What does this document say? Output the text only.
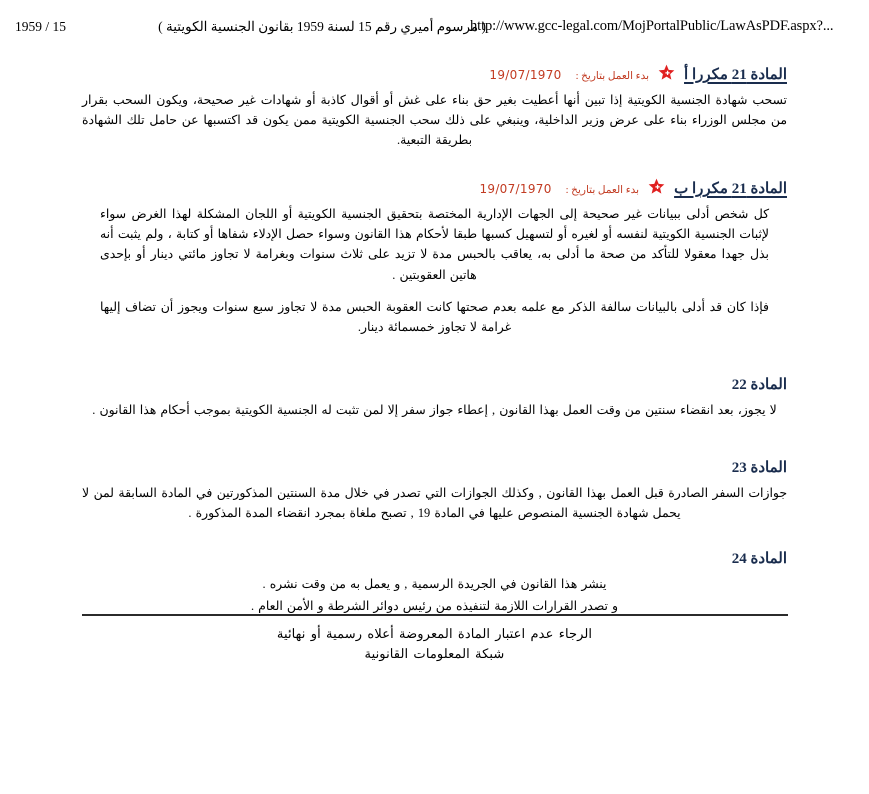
http://www.gcc-legal.com/MojPortalPublic/LawAsPDF.aspx?...
( مرسوم أميري رقم 15 لسنة 1959 بقانون الجنسية الكويتية )
1959 / 15
المادة 21 مكررا أ
بدء العمل بتاريخ :
19/07/1970

تسحب شهادة الجنسية الكويتية إذا تبين أنها أعطيت بغير حق بناء على غش أو أقوال كاذبة أو شهادات غير صحيحة، ويكون السحب بقرار من مجلس الوزراء بناء على عرض وزير الداخلية، وينبغي على ذلك سحب الجنسية الكويتية ممن يكون قد اكتسبها عن حامل تلك الشهادة بطريقة التبعية.

المادة 21 مكررا ب
بدء العمل بتاريخ :
19/07/1970

كل شخص أدلى ببيانات غير صحيحة إلى الجهات الإدارية المختصة بتحقيق الجنسية الكويتية أو اللجان المشكلة لهذا الغرض سواء لإثبات الجنسية الكويتية لنفسه أو لغيره أو لتسهيل كسبها طبقا لأحكام هذا القانون وسواء حصل الإدلاء شفاها أو كتابة ، ولم يثبت أنه بذل جهدا معقولا للتأكد من صحة ما أدلى به، يعاقب بالحبس مدة لا تزيد على ثلاث سنوات وبغرامة لا تجاوز مائتي دينار أو بإحدى هاتين العقوبتين .

فإذا كان قد أدلى بالبيانات سالفة الذكر مع علمه بعدم صحتها كانت العقوبة الحبس مدة لا تجاوز سبع سنوات ويجوز أن تضاف إليها غرامة لا تجاوز خمسمائة دينار.

المادة 22

لا يجوز، بعد انقضاء سنتين من وقت العمل بهذا القانون , إعطاء جواز سفر إلا لمن تثبت له الجنسية الكويتية بموجب أحكام هذا القانون .

المادة 23

جوازات السفر الصادرة قبل العمل بهذا القانون , وكذلك الجوازات التي تصدر في خلال مدة السنتين المذكورتين في المادة السابقة لمن لا يحمل شهادة الجنسية المنصوص عليها في المادة 19 , تصبح ملغاة بمجرد انقضاء المدة المذكورة .

المادة 24

ينشر هذا القانون في الجريدة الرسمية , و يعمل به من وقت نشره .

و تصدر القرارات اللازمة لتنفيذه من رئيس دوائر الشرطة و الأمن العام .

الرجاء عدم اعتبار المادة المعروضة أعلاه رسمية أو نهائية
شبكة المعلومات القانونية
